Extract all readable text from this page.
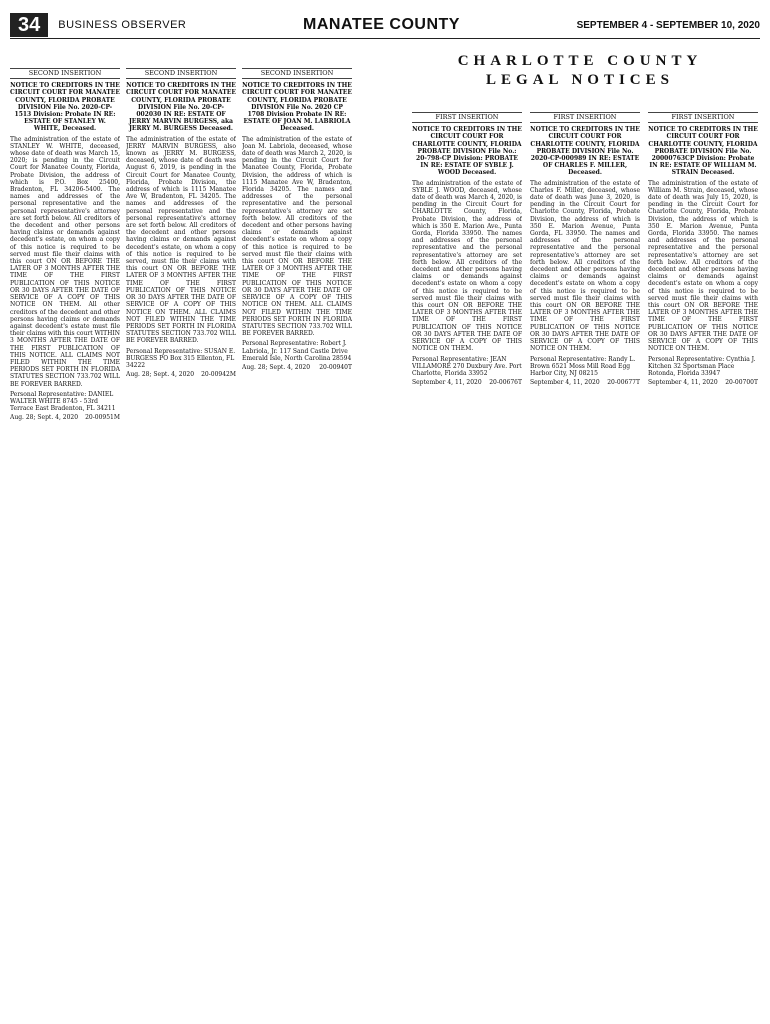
34	BUSINESS OBSERVER	MANATEE COUNTY	SEPTEMBER 4 - SEPTEMBER 10, 2020
CHARLOTTE COUNTY
LEGAL NOTICES
SECOND INSERTION
NOTICE TO CREDITORS IN THE CIRCUIT COURT FOR MANATEE COUNTY, FLORIDA PROBATE DIVISION File No. 2020-CP-1513 Division: Probate IN RE: ESTATE OF STANLEY W. WHITE, Deceased.
The administration of the estate of STANLEY W. WHITE, deceased, whose date of death was March 15, 2020; is pending in the Circuit Court for Manatee County, Florida, Probate Division, the address of which is P.O. Box 25400, Bradenton, FL 34206-5400. The names and addresses of the personal representative and the personal representative's attorney are set forth below. All creditors of the decedent and other persons having claims or demands against decedent's estate, on whom a copy of this notice is required to be served must file their claims with this court ON OR BEFORE THE LATER OF 3 MONTHS AFTER THE TIME OF THE FIRST PUBLICATION OF THIS NOTICE OR 30 DAYS AFTER THE DATE OF SERVICE OF A COPY OF THIS NOTICE ON THEM. All other creditors of the decedent and other persons having claims or demands against decedent's estate must file their claims with this court WITHIN 3 MONTHS AFTER THE DATE OF THE FIRST PUBLICATION OF THIS NOTICE. ALL CLAIMS NOT FILED WITHIN THE TIME PERIODS SET FORTH IN FLORIDA STATUTES SECTION 733.702 WILL BE FOREVER BARRED.
Personal Representative: DANIEL WALTER WHITE 8745 - 53rd Terrace East Bradenton, FL 34211
Aug. 28; Sept. 4, 2020 20-00951M
SECOND INSERTION
NOTICE TO CREDITORS IN THE CIRCUIT COURT FOR MANATEE COUNTY, FLORIDA PROBATE DIVISION File No. 20-CP-002030 IN RE: ESTATE OF JERRY MARVIN BURGESS, aka JERRY M. BURGESS Deceased.
The administration of the estate of JERRY MARVIN BURGESS, also known as JERRY M. BURGESS, deceased, whose date of death was August 6, 2019, is pending in the Circuit Court for Manatee County, Florida, Probate Division, the address of which is 1115 Manatee Ave W, Bradenton, FL 34205. The names and addresses of the personal representative and the personal representative's attorney are set forth below. All creditors of the decedent and other persons having claims or demands against decedent's estate, on whom a copy of this notice is required to be served, must file their claims with this court ON OR BEFORE THE LATER OF 3 MONTHS AFTER THE TIME OF THE FIRST PUBLICATION OF THIS NOTICE OR 30 DAYS AFTER THE DATE OF SERVICE OF A COPY OF THIS NOTICE ON THEM. ALL CLAIMS NOT FILED WITHIN THE TIME PERIODS SET FORTH IN FLORIDA STATUTES SECTION 733.702 WILL BE FOREVER BARRED.
Personal Representative: SUSAN E. BURGESS PO Box 315 Ellenton, FL 34222
Aug. 28; Sept. 4, 2020 20-00942M
SECOND INSERTION
NOTICE TO CREDITORS IN THE CIRCUIT COURT FOR MANATEE COUNTY, FLORIDA PROBATE DIVISION File No. 2020 CP 1708 Division Probate IN RE: ESTATE OF JOAN M. LABRIOLA Deceased.
The administration of the estate of Joan M. Labriola, deceased, whose date of death was March 2, 2020, is pending in the Circuit Court for Manatee County, Florida, Probate Division, the address of which is 1115 Manatee Ave W, Bradenton, Florida 34205. The names and addresses of the personal representative and the personal representative's attorney are set forth below. All creditors of the decedent and other persons having claims or demands against decedent's estate on whom a copy of this notice is required to be served must file their claims with this court ON OR BEFORE THE LATER OF 3 MONTHS AFTER THE TIME OF THE FIRST PUBLICATION OF THIS NOTICE OR 30 DAYS AFTER THE DATE OF SERVICE OF A COPY OF THIS NOTICE ON THEM. ALL CLAIMS NOT FILED WITHIN THE TIME PERIODS SET FORTH IN FLORIDA STATUTES SECTION 733.702 WILL BE FOREVER BARRED.
Personal Representative: Robert J. Labriola, Jr. 117 Sand Castle Drive Emerald Isle, North Carolina 28594
Aug. 28; Sept. 4, 2020 20-00940T
FIRST INSERTION
NOTICE TO CREDITORS IN THE CIRCUIT COURT FOR CHARLOTTE COUNTY, FLORIDA PROBATE DIVISION File No.: 20-798-CP Division: PROBATE IN RE: ESTATE OF SYBLE J. WOOD Deceased.
The administration of the estate of SYBLE J. WOOD, deceased, whose date of death was March 4, 2020, is pending in the Circuit Court for CHARLOTTE County, Florida, Probate Division, the address of which is 350 E. Marion Ave., Punta Gorda, Florida 33950. The names and addresses of the personal representative and the personal representative's attorney are set forth below. All creditors of the decedent and other persons having claims or demands against decedent's estate on whom a copy of this notice is required to be served must file their claims with this court ON OR BEFORE THE LATER OF 3 MONTHS AFTER THE TIME OF THE FIRST PUBLICATION OF THIS NOTICE OR 30 DAYS AFTER THE DATE OF SERVICE OF A COPY OF THIS NOTICE ON THEM.
Personal Representative: JEAN VILLAMORE 270 Duxbury Ave. Port Charlotte, Florida 33952
September 4, 11, 2020 20-00676T
FIRST INSERTION
NOTICE TO CREDITORS IN THE CIRCUIT COURT FOR CHARLOTTE COUNTY, FLORIDA PROBATE DIVISION File No. 2020-CP-000989 IN RE: ESTATE OF CHARLES F. MILLER, Deceased.
The administration of the estate of Charles F. Miller, deceased, whose date of death was June 3, 2020, is pending in the Circuit Court for Charlotte County, Florida, Probate Division, the address of which is 350 E. Marion Avenue, Punta Gorda, FL 33950. The names and addresses of the personal representative and the personal representative's attorney are set forth below. All creditors of the decedent and other persons having claims or demands against decedent's estate on whom a copy of this notice is required to be served must file their claims with this court ON OR BEFORE THE LATER OF 3 MONTHS AFTER THE TIME OF THE FIRST PUBLICATION OF THIS NOTICE OR 30 DAYS AFTER THE DATE OF SERVICE OF A COPY OF THIS NOTICE ON THEM.
Personal Representative: Randy L. Brown 6521 Moss Mill Road Egg Harbor City, NJ 08215
September 4, 11, 2020 20-00677T
FIRST INSERTION
NOTICE TO CREDITORS IN THE CIRCUIT COURT FOR CHARLOTTE COUNTY, FLORIDA PROBATE DIVISION File No. 20000763CP Division: Probate IN RE: ESTATE OF WILLIAM M. STRAIN Deceased.
The administration of the estate of William M. Strain, deceased, whose date of death was July 15, 2020, is pending in the Circuit Court for Charlotte County, Florida, Probate Division, the address of which is 350 E. Marion Avenue, Punta Gorda, Florida 33950. The names and addresses of the personal representative and the personal representative's attorney are set forth below. All creditors of the decedent and other persons having claims or demands against decedent's estate on whom a copy of this notice is required to be served must file their claims with this court ON OR BEFORE THE LATER OF 3 MONTHS AFTER THE TIME OF THE FIRST PUBLICATION OF THIS NOTICE OR 30 DAYS AFTER THE DATE OF SERVICE OF A COPY OF THIS NOTICE ON THEM.
Personal Representative: Cynthia J. Kitchen 32 Sportsman Place Rotonda, Florida 33947
September 4, 11, 2020 20-00700T
